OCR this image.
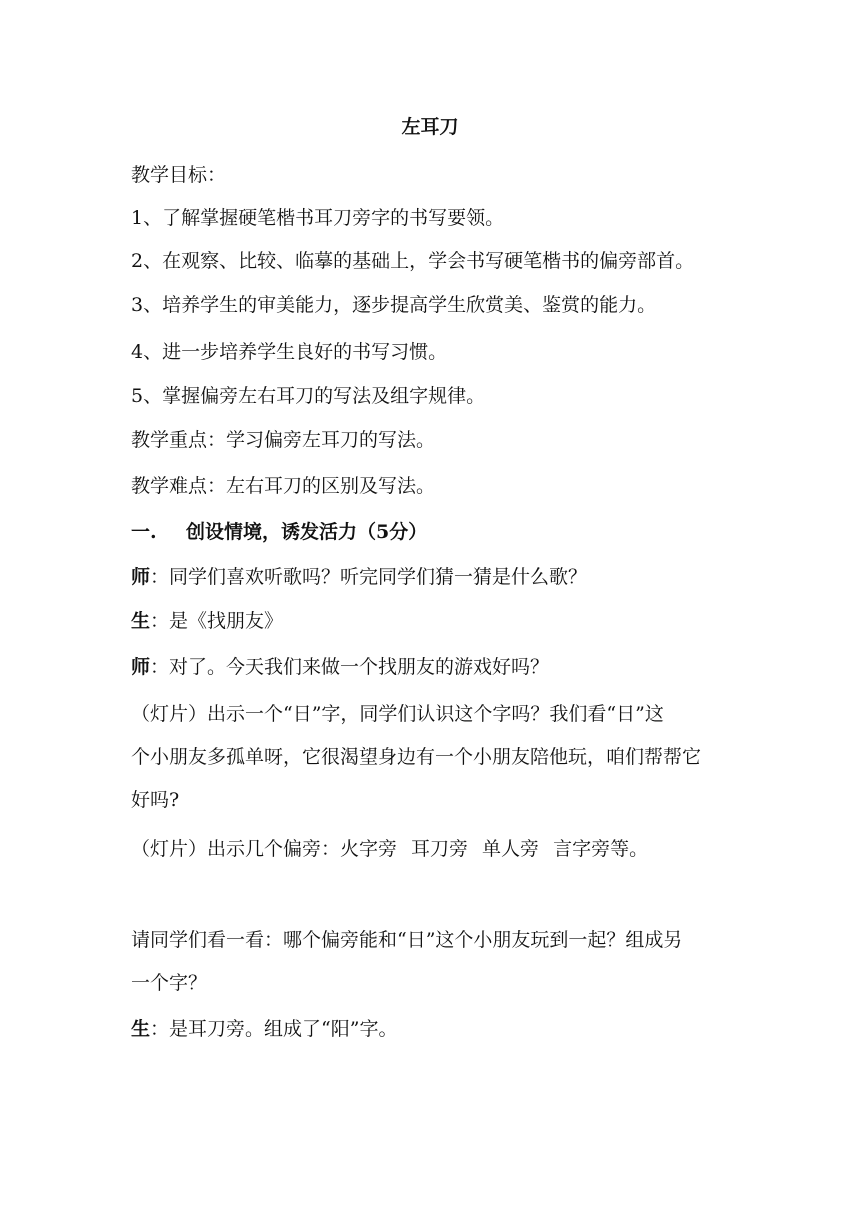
左耳刀
教学目标：
1、了解掌握硬笔楷书耳刀旁字的书写要领。
2、在观察、比较、临摹的基础上，学会书写硬笔楷书的偏旁部首。
3、培养学生的审美能力，逐步提高学生欣赏美、鉴赏的能力。
4、进一步培养学生良好的书写习惯。
5、掌握偏旁左右耳刀的写法及组字规律。
教学重点：学习偏旁左耳刀的写法。
教学难点：左右耳刀的区别及写法。
一. 创设情境，诱发活力（5分）
师：同学们喜欢听歌吗？听完同学们猜一猜是什么歌？
生：是《找朋友》
师：对了。今天我们来做一个找朋友的游戏好吗？
（灯片）出示一个“日”字，同学们认识这个字吗？我们看“日”这
个小朋友多孤单呀，它很渴望身边有一个小朋友陪他玩，咱们帮帮它
好吗?
（灯片）出示几个偏旁：火字旁 耳刀旁 单人旁 言字旁等。
请同学们看一看：哪个偏旁能和“日”这个小朋友玩到一起？组成另
一个字？
生：是耳刀旁。组成了“阳”字。
